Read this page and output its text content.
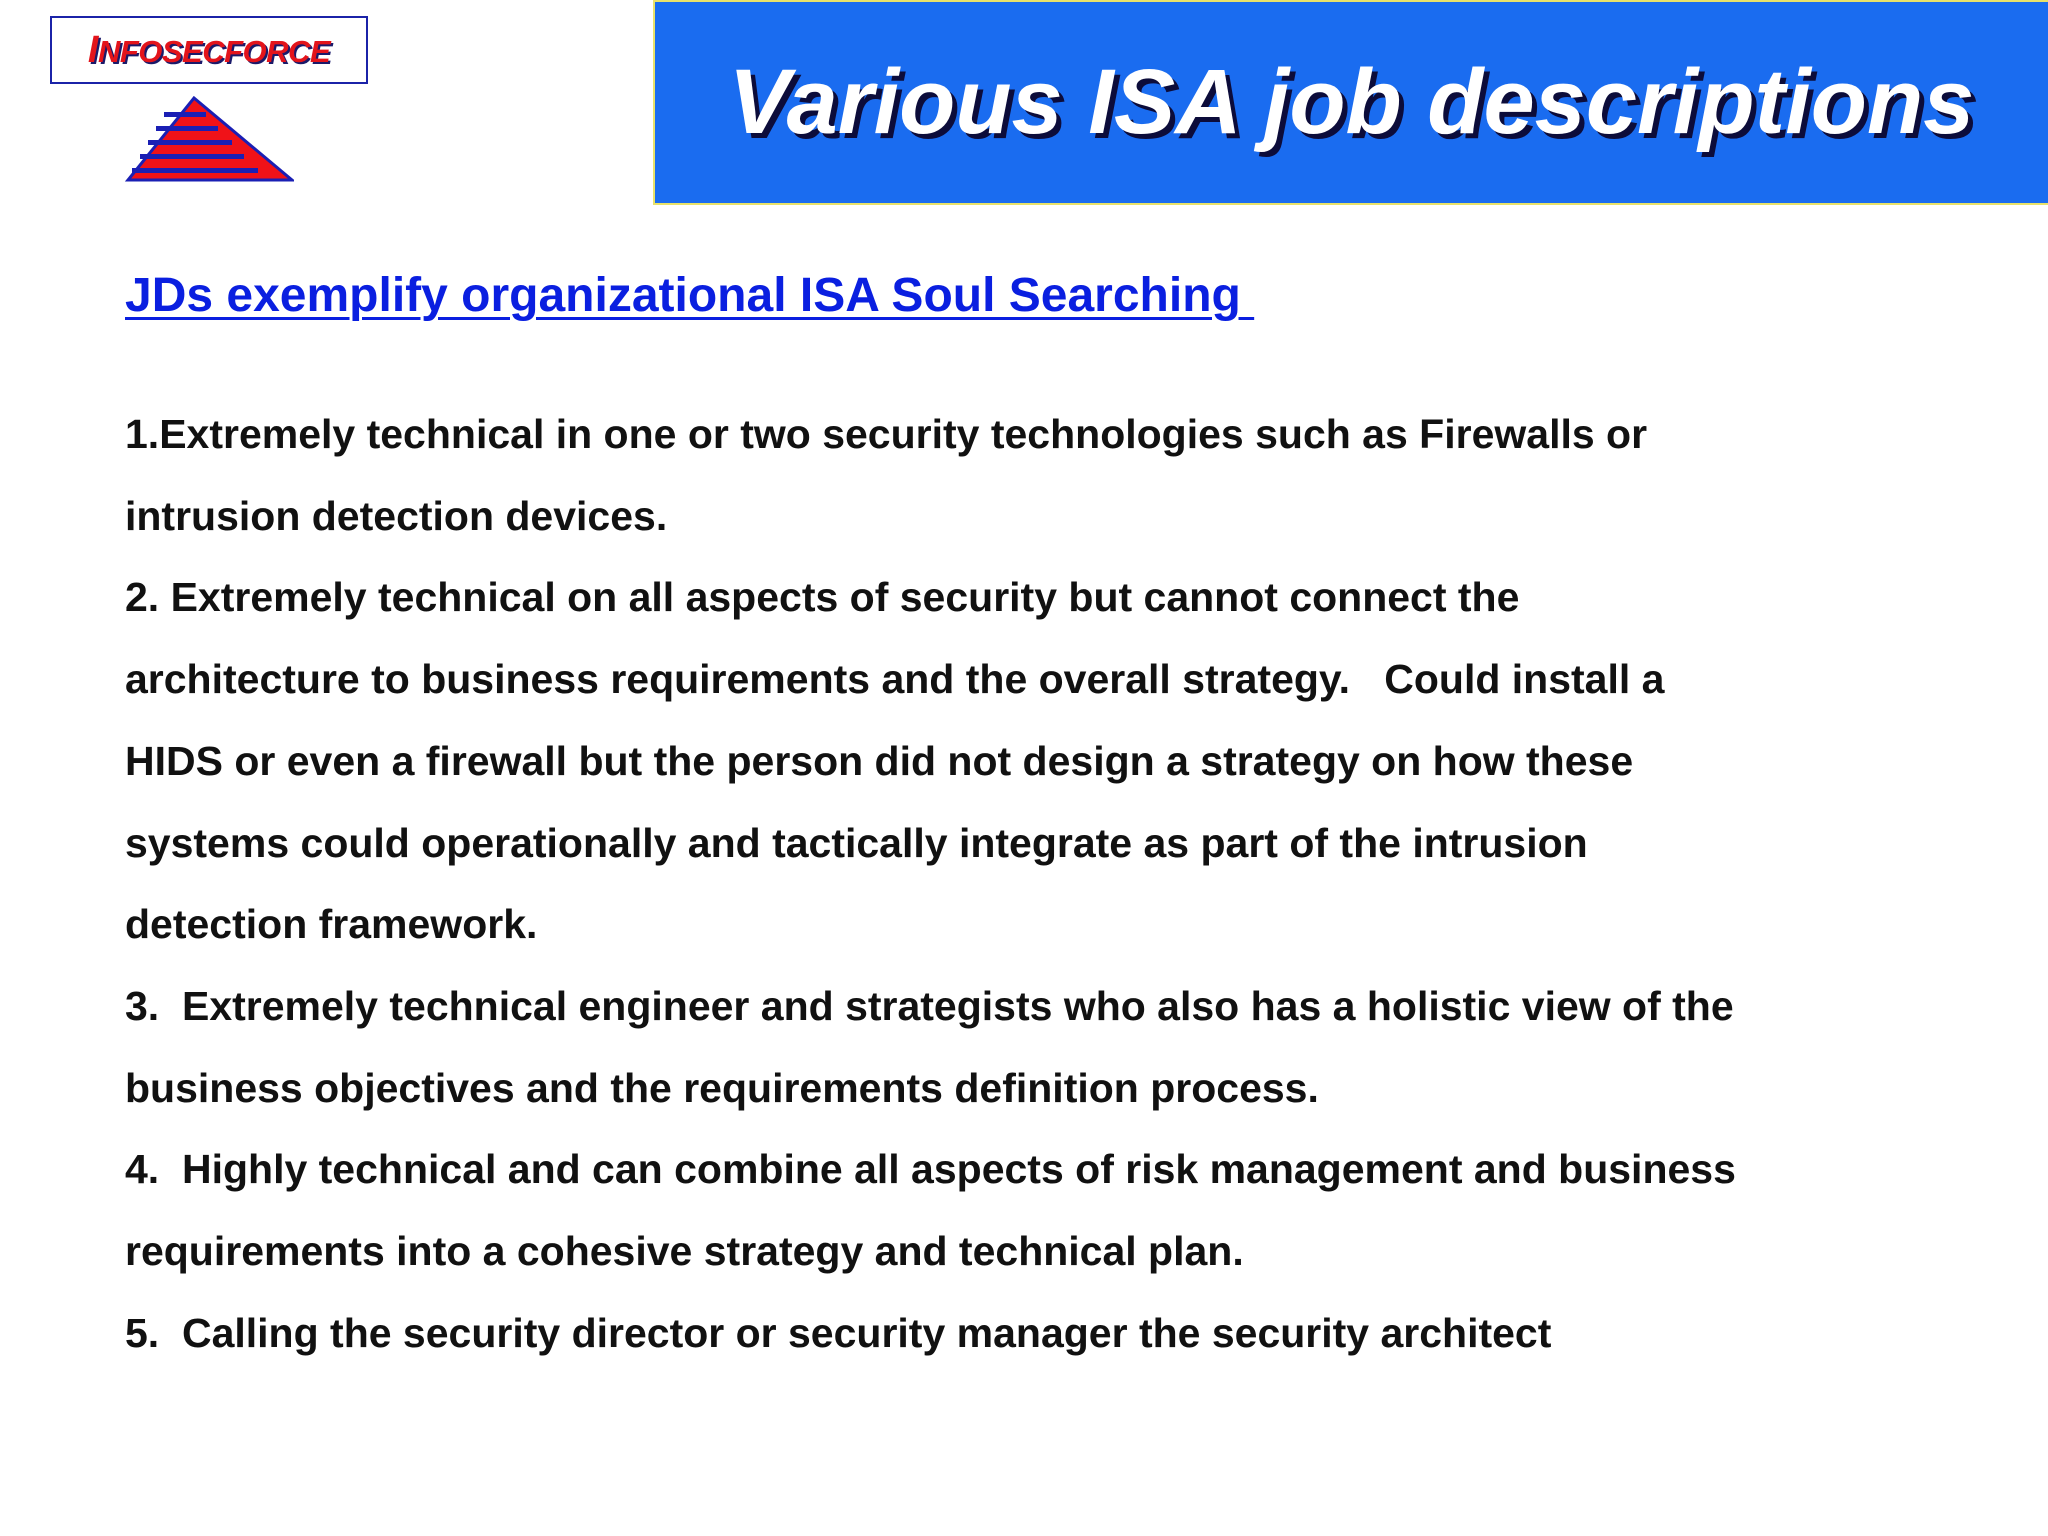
INFOSECFORCE	Various ISA job descriptions
JDs exemplify organizational ISA Soul Searching
1.Extremely technical in one or two security technologies such as Firewalls or
intrusion detection devices.
2. Extremely technical on all aspects of security but cannot connect the
architecture to business requirements and the overall strategy.   Could install a
HIDS or even a firewall but the person did not design a strategy on how these
systems could operationally and tactically integrate as part of the intrusion
detection framework.
3.  Extremely technical engineer and strategists who also has a holistic view of the
business objectives and the requirements definition process.
4.  Highly technical and can combine all aspects of risk management and business
requirements into a cohesive strategy and technical plan.
5.  Calling the security director or security manager the security architect
